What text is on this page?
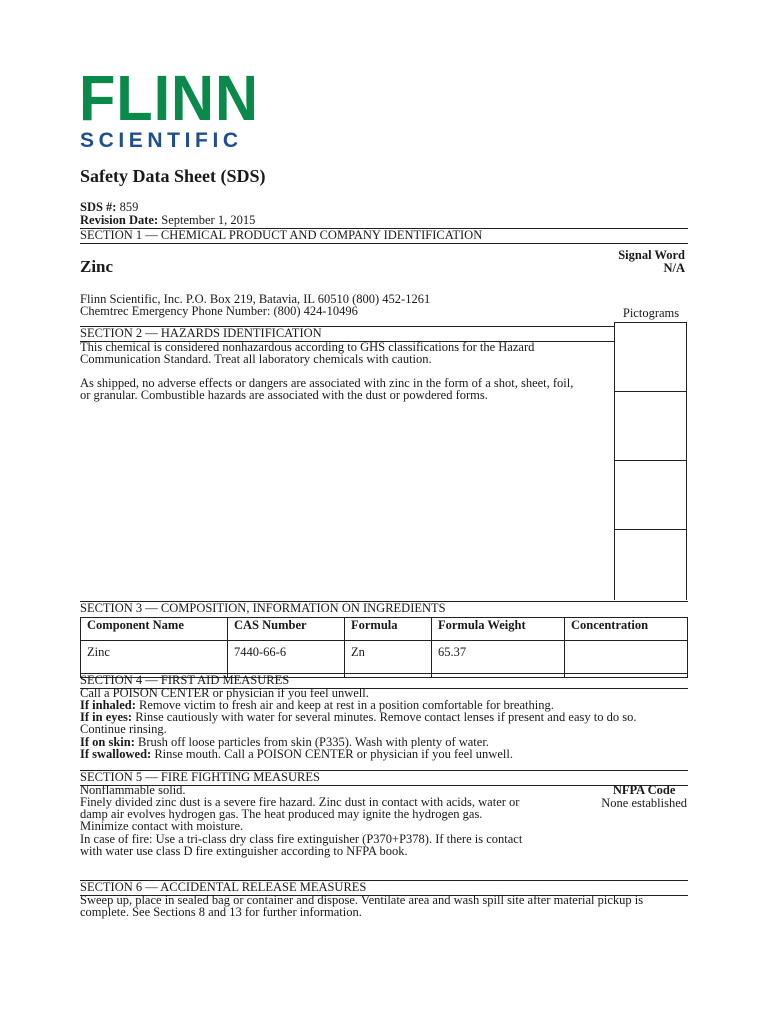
FLINN
SCIENTIFIC
Safety Data Sheet (SDS)
SDS #: 859
Revision Date: September 1, 2015
SECTION 1 — CHEMICAL PRODUCT AND COMPANY IDENTIFICATION
Zinc
Signal Word
N/A
Flinn Scientific, Inc. P.O. Box 219, Batavia, IL 60510 (800) 452-1261
Chemtrec Emergency Phone Number: (800) 424-10496	Pictograms
SECTION 2 — HAZARDS IDENTIFICATION
This chemical is considered nonhazardous according to GHS classifications for the Hazard
Communication Standard. Treat all laboratory chemicals with caution.
As shipped, no adverse effects or dangers are associated with zinc in the form of a shot, sheet, foil,
or granular. Combustible hazards are associated with the dust or powdered forms.
SECTION 3 — COMPOSITION, INFORMATION ON INGREDIENTS
Component Name	CAS Number	Formula	Formula Weight	Concentration
Zinc	7440-66-6	Zn	65.37	
SECTION 4 — FIRST AID MEASURES
Call a POISON CENTER or physician if you feel unwell.
If inhaled: Remove victim to fresh air and keep at rest in a position comfortable for breathing.
If in eyes: Rinse cautiously with water for several minutes. Remove contact lenses if present and easy to do so.
Continue rinsing.
If on skin: Brush off loose particles from skin (P335). Wash with plenty of water.
If swallowed: Rinse mouth. Call a POISON CENTER or physician if you feel unwell.
SECTION 5 — FIRE FIGHTING MEASURES
Nonflammable solid.
Finely divided zinc dust is a severe fire hazard. Zinc dust in contact with acids, water or
damp air evolves hydrogen gas. The heat produced may ignite the hydrogen gas.
Minimize contact with moisture.
In case of fire: Use a tri-class dry class fire extinguisher (P370+P378). If there is contact
with water use class D fire extinguisher according to NFPA book.
NFPA Code
None established
SECTION 6 — ACCIDENTAL RELEASE MEASURES
Sweep up, place in sealed bag or container and dispose. Ventilate area and wash spill site after material pickup is
complete. See Sections 8 and 13 for further information.
